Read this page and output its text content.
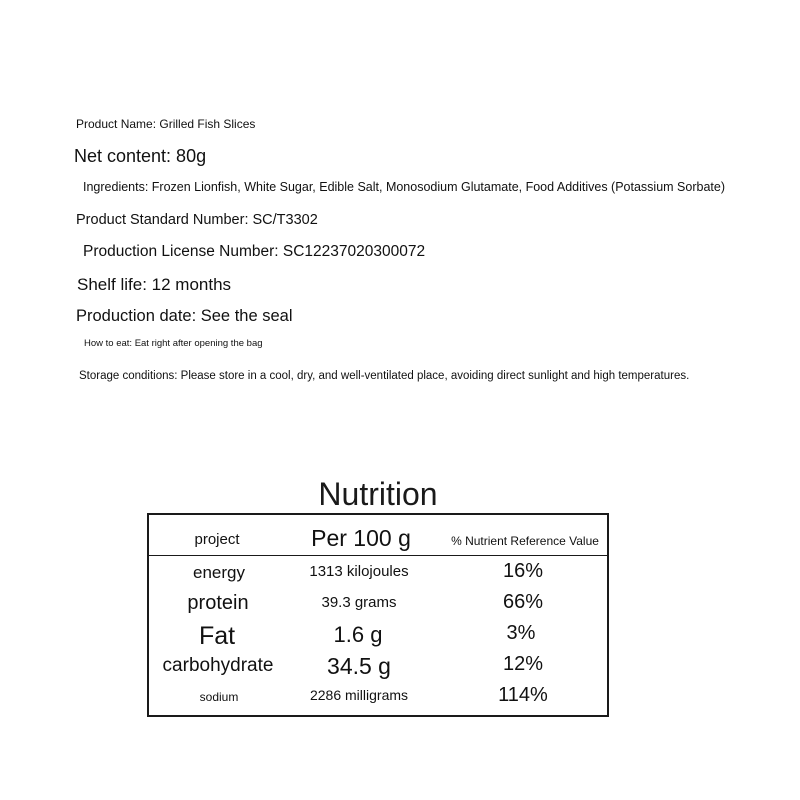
Product Name: Grilled Fish Slices
Net content: 80g
Ingredients: Frozen Lionfish, White Sugar, Edible Salt, Monosodium Glutamate, Food Additives (Potassium Sorbate)
Product Standard Number: SC/T3302
Production License Number: SC12237020300072
Shelf life: 12 months
Production date: See the seal
How to eat: Eat right after opening the bag
Storage conditions: Please store in a cool, dry, and well-ventilated place, avoiding direct sunlight and high temperatures.
Nutrition
project	Per 100 g	% Nutrient Reference Value
energy	1313 kilojoules	16%
protein	39.3 grams	66%
Fat	1.6 g	3%
carbohydrate 34.5 g	12%
sodium	2286 milligrams	114%
